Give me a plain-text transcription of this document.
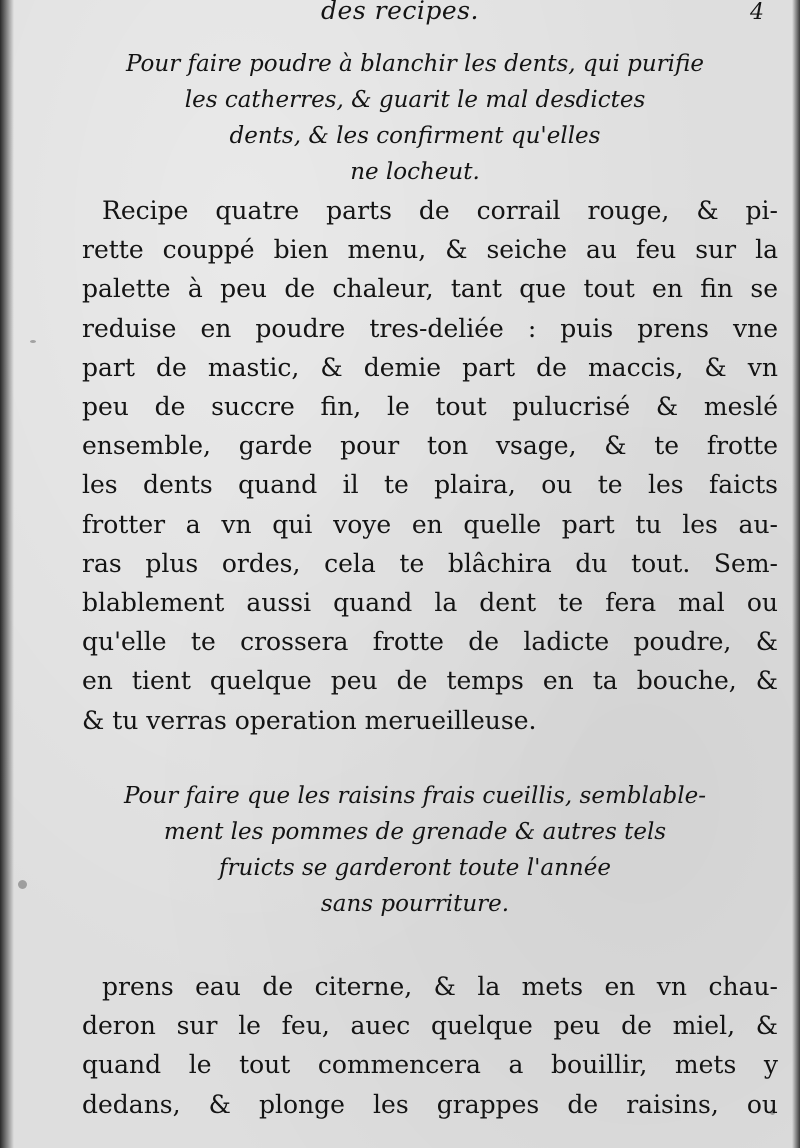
4
des recipes.
Pour faire poudre à blanchir les dents, qui purifie
les catherres, & guarit le mal desdictes
dents, & les confirment qu'elles
ne locheut.
Recipe quatre parts de corrail rouge, & pi-
rette couppé bien menu, & seiche au feu sur la
palette à peu de chaleur, tant que tout en fin se
reduise en poudre tres-deliée : puis prens vne
part de mastic, & demie part de maccis, & vn
peu de succre fin, le tout pulucrisé & meslé
ensemble, garde pour ton vsage, & te frotte
les dents quand il te plaira, ou te les faicts
frotter a vn qui voye en quelle part tu les au-
ras plus ordes, cela te blâchira du tout. Sem-
blablement aussi quand la dent te fera mal ou
qu'elle te crossera frotte de ladicte poudre, &
en tient quelque peu de temps en ta bouche, &
& tu verras operation merueilleuse.
Pour faire que les raisins frais cueillis, semblable-
ment les pommes de grenade & autres tels
fruicts se garderont toute l'année
sans pourriture.
prens eau de citerne, & la mets en vn chau-
deron sur le feu, auec quelque peu de miel, &
quand le tout commencera a bouillir, mets y
dedans, & plonge les grappes de raisins, ou
